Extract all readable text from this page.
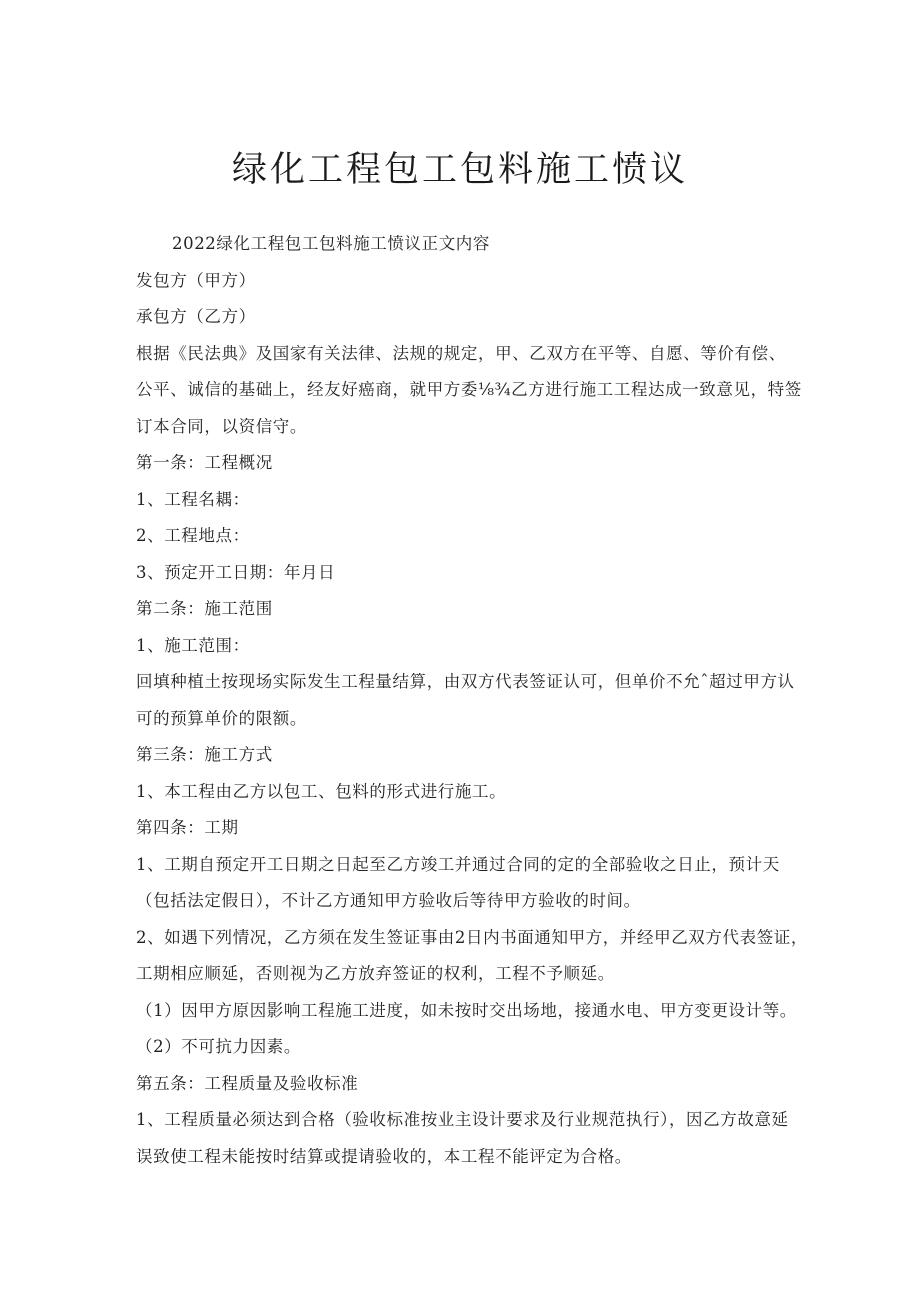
绿化工程包工包料施工愤议

2022绿化工程包工包料施工愤议正文内容

发包方（甲方）

承包方（乙方）

根据《民法典》及国家有关法律、法规的规定，甲、乙双方在平等、自愿、等价有偿、

公平、诚信的基础上，经友好癌商，就甲方委⅛¾乙方进行施工工程达成一致意见，特签

订本合同，以资信守。

第一条：工程概况

1、工程名耦：

2、工程地点：

3、预定开工日期：年月日

第二条：施工范围

1、施工范围：

回填种植土按现场实际发生工程量结算，由双方代表签证认可，但单价不允ˆ超过甲方认

可的预算单价的限额。

第三条：施工方式

1、本工程由乙方以包工、包料的形式进行施工。

第四条：工期

1、工期自预定开工日期之日起至乙方竣工并通过合同的定的全部验收之日止，预计天

（包括法定假日），不计乙方通知甲方验收后等待甲方验收的时间。

2、如遇下列情况，乙方须在发生签证事由2日内书面通知甲方，并经甲乙双方代表签证，

工期相应顺延，否则视为乙方放弃签证的权利，工程不予顺延。

（1）因甲方原因影响工程施工进度，如未按时交出场地，接通水电、甲方变更设计等。

（2）不可抗力因素。

第五条：工程质量及验收标准

1、工程质量必须达到合格（验收标准按业主设计要求及行业规范执行），因乙方故意延

误致使工程未能按时结算或提请验收的，本工程不能评定为合格。
